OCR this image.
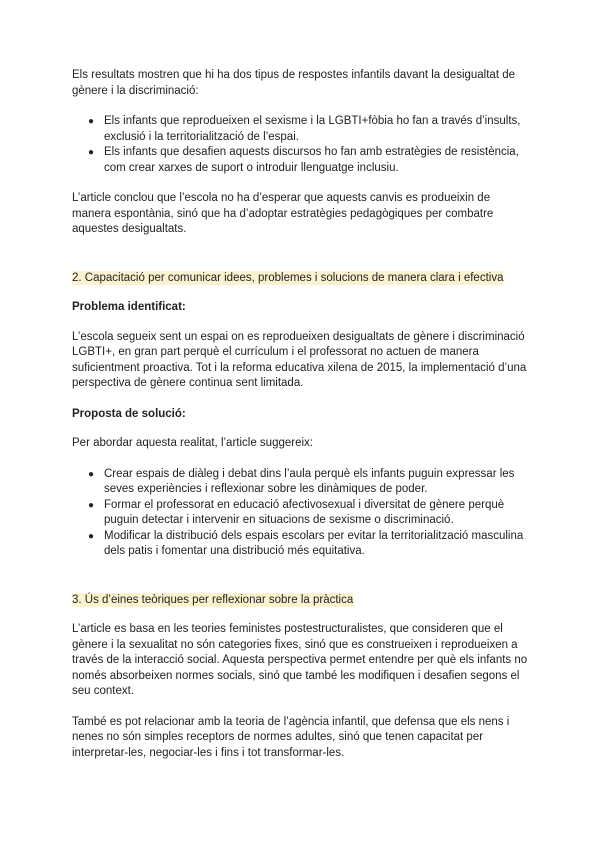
Els resultats mostren que hi ha dos tipus de respostes infantils davant la desigualtat de gènere i la discriminació:

● Els infants que reprodueixen el sexisme i la LGBTI+fòbia ho fan a través d’insults, exclusió i la territorialització de l’espai.
● Els infants que desafien aquests discursos ho fan amb estratègies de resistència, com crear xarxes de suport o introduir llenguatge inclusiu.

L’article conclou que l’escola no ha d’esperar que aquests canvis es produeixin de manera espontània, sinó que ha d’adoptar estratègies pedagògiques per combatre aquestes desigualtats.

2. Capacitació per comunicar idees, problemes i solucions de manera clara i efectiva

Problema identificat:

L’escola segueix sent un espai on es reprodueixen desigualtats de gènere i discriminació LGBTI+, en gran part perquè el currículum i el professorat no actuen de manera suficientment proactiva. Tot i la reforma educativa xilena de 2015, la implementació d’una perspectiva de gènere continua sent limitada.

Proposta de solució:

Per abordar aquesta realitat, l’article suggereix:

● Crear espais de diàleg i debat dins l’aula perquè els infants puguin expressar les seves experiències i reflexionar sobre les dinàmiques de poder.
● Formar el professorat en educació afectivosexual i diversitat de gènere perquè puguin detectar i intervenir en situacions de sexisme o discriminació.
● Modificar la distribució dels espais escolars per evitar la territorialització masculina dels patis i fomentar una distribució més equitativa.
3. Ús d’eines teòriques per reflexionar sobre la pràctica

L’article es basa en les teories feministes postestructuralistes, que consideren que el gènere i la sexualitat no són categories fixes, sinó que es construeixen i reprodueixen a través de la interacció social. Aquesta perspectiva permet entendre per què els infants no només absorbeixen normes socials, sinó que també les modifiquen i desafien segons el seu context.

També es pot relacionar amb la teoria de l’agència infantil, que defensa que els nens i nenes no són simples receptors de normes adultes, sinó que tenen capacitat per interpretar-les, negociar-les i fins i tot transformar-les.
